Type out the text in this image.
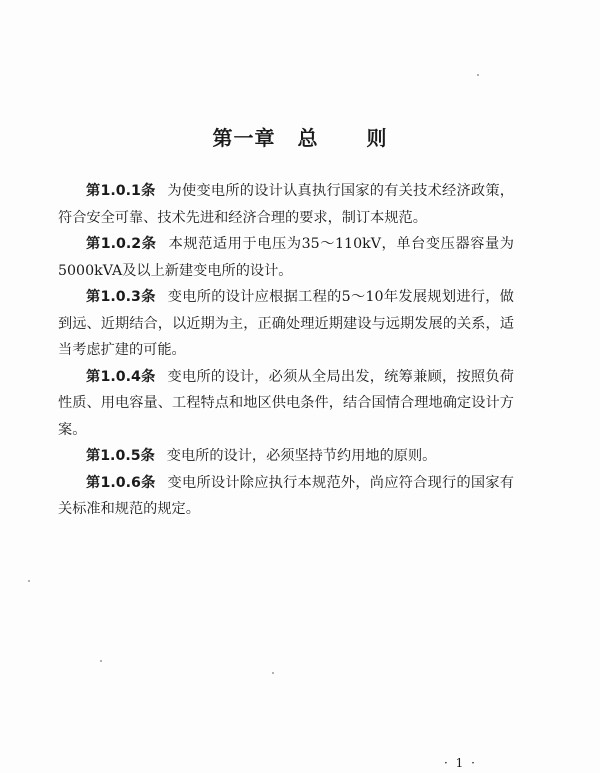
第一章 总 则

第1.0.1条 为使变电所的设计认真执行国家的有关技术经济政策，符合安全可靠、技术先进和经济合理的要求，制订本规范。

第1.0.2条 本规范适用于电压为35～110kV，单台变压器容量为5000kVA及以上新建变电所的设计。

第1.0.3条 变电所的设计应根据工程的5～10年发展规划进行，做到远、近期结合，以近期为主，正确处理近期建设与远期发展的关系，适当考虑扩建的可能。

第1.0.4条 变电所的设计，必须从全局出发，统筹兼顾，按照负荷性质、用电容量、工程特点和地区供电条件，结合国情合理地确定设计方案。

第1.0.5条 变电所的设计，必须坚持节约用地的原则。

第1.0.6条 变电所设计除应执行本规范外，尚应符合现行的国家有关标准和规范的规定。

· 1 ·
